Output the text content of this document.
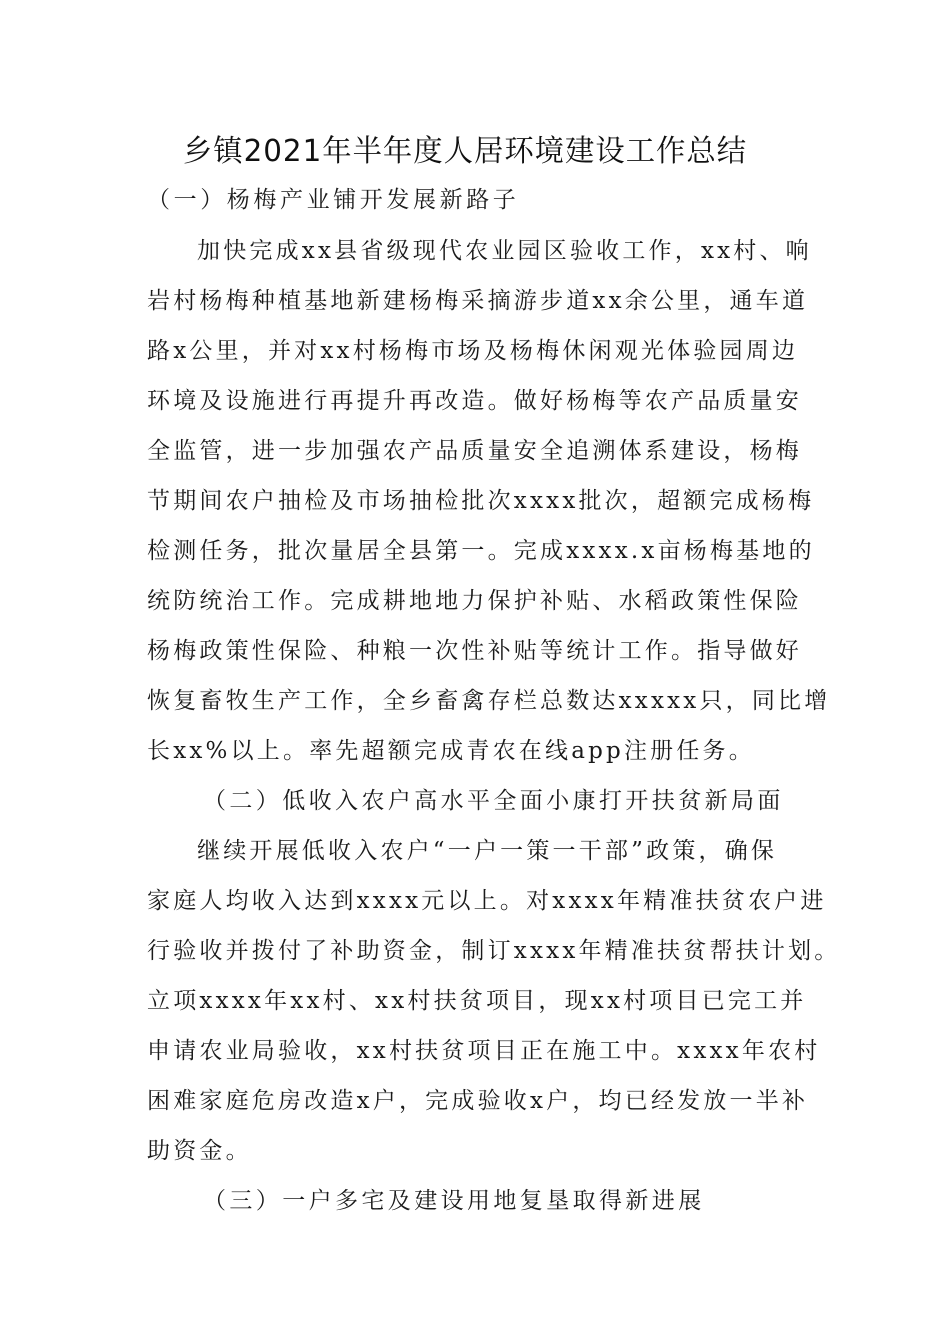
乡镇2021年半年度人居环境建设工作总结
（一）杨梅产业铺开发展新路子
加快完成xx县省级现代农业园区验收工作，xx村、响
岩村杨梅种植基地新建杨梅采摘游步道xx余公里，通车道
路x公里，并对xx村杨梅市场及杨梅休闲观光体验园周边
环境及设施进行再提升再改造。做好杨梅等农产品质量安
全监管，进一步加强农产品质量安全追溯体系建设，杨梅
节期间农户抽检及市场抽检批次xxxx批次，超额完成杨梅
检测任务，批次量居全县第一。完成xxxx.x亩杨梅基地的
统防统治工作。完成耕地地力保护补贴、水稻政策性保险
杨梅政策性保险、种粮一次性补贴等统计工作。指导做好
恢复畜牧生产工作，全乡畜禽存栏总数达xxxxx只，同比增
长xx%以上。率先超额完成青农在线app注册任务。
（二）低收入农户高水平全面小康打开扶贫新局面
继续开展低收入农户“一户一策一干部”政策，确保
家庭人均收入达到xxxx元以上。对xxxx年精准扶贫农户进
行验收并拨付了补助资金，制订xxxx年精准扶贫帮扶计划。
立项xxxx年xx村、xx村扶贫项目，现xx村项目已完工并
申请农业局验收，xx村扶贫项目正在施工中。xxxx年农村
困难家庭危房改造x户，完成验收x户，均已经发放一半补
助资金。
（三）一户多宅及建设用地复垦取得新进展
